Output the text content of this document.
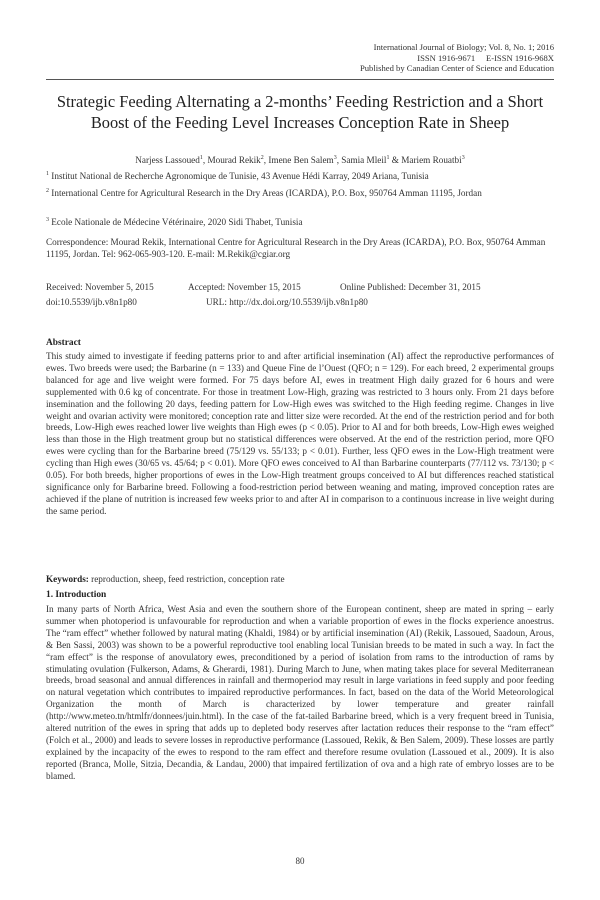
International Journal of Biology; Vol. 8, No. 1; 2016
ISSN 1916-9671     E-ISSN 1916-968X
Published by Canadian Center of Science and Education
Strategic Feeding Alternating a 2-months’ Feeding Restriction and a Short Boost of the Feeding Level Increases Conception Rate in Sheep
Narjess Lassoued$^1$, Mourad Rekik$^2$, Imene Ben Salem$^3$, Samia Mleil$^1$ & Mariem Rouatbi$^3$
$^1$ Institut National de Recherche Agronomique de Tunisie, 43 Avenue Hédi Karray, 2049 Ariana, Tunisia
$^2$ International Centre for Agricultural Research in the Dry Areas (ICARDA), P.O. Box, 950764 Amman 11195, Jordan
$^3$ Ecole Nationale de Médecine Vétérinaire, 2020 Sidi Thabet, Tunisia
Correspondence: Mourad Rekik, International Centre for Agricultural Research in the Dry Areas (ICARDA), P.O. Box, 950764 Amman 11195, Jordan. Tel: 962-065-903-120. E-mail: M.Rekik@cgiar.org
Received: November 5, 2015	Accepted: November 15, 2015	Online Published: December 31, 2015
doi:10.5539/ijb.v8n1p80	URL: http://dx.doi.org/10.5539/ijb.v8n1p80
Abstract
This study aimed to investigate if feeding patterns prior to and after artificial insemination (AI) affect the reproductive performances of ewes. Two breeds were used; the Barbarine (n = 133) and Queue Fine de l’Ouest (QFO; n = 129). For each breed, 2 experimental groups balanced for age and live weight were formed. For 75 days before AI, ewes in treatment High daily grazed for 6 hours and were supplemented with 0.6 kg of concentrate. For those in treatment Low-High, grazing was restricted to 3 hours only. From 21 days before insemination and the following 20 days, feeding pattern for Low-High ewes was switched to the High feeding regime. Changes in live weight and ovarian activity were monitored; conception rate and litter size were recorded. At the end of the restriction period and for both breeds, Low-High ewes reached lower live weights than High ewes (p < 0.05). Prior to AI and for both breeds, Low-High ewes weighed less than those in the High treatment group but no statistical differences were observed. At the end of the restriction period, more QFO ewes were cycling than for the Barbarine breed (75/129 vs. 55/133; p < 0.01). Further, less QFO ewes in the Low-High treatment were cycling than High ewes (30/65 vs. 45/64; p < 0.01). More QFO ewes conceived to AI than Barbarine counterparts (77/112 vs. 73/130; p < 0.05). For both breeds, higher proportions of ewes in the Low-High treatment groups conceived to AI but differences reached statistical significance only for Barbarine breed. Following a food-restriction period between weaning and mating, improved conception rates are achieved if the plane of nutrition is increased few weeks prior to and after AI in comparison to a continuous increase in live weight during the same period.
Keywords: reproduction, sheep, feed restriction, conception rate
1. Introduction
In many parts of North Africa, West Asia and even the southern shore of the European continent, sheep are mated in spring – early summer when photoperiod is unfavourable for reproduction and when a variable proportion of ewes in the flocks experience anoestrus. The “ram effect” whether followed by natural mating (Khaldi, 1984) or by artificial insemination (AI) (Rekik, Lassoued, Saadoun, Arous, & Ben Sassi, 2003) was shown to be a powerful reproductive tool enabling local Tunisian breeds to be mated in such a way. In fact the “ram effect” is the response of anovulatory ewes, preconditioned by a period of isolation from rams to the introduction of rams by stimulating ovulation (Fulkerson, Adams, & Gherardi, 1981). During March to June, when mating takes place for several Mediterranean breeds, broad seasonal and annual differences in rainfall and thermoperiod may result in large variations in feed supply and poor feeding on natural vegetation which contributes to impaired reproductive performances. In fact, based on the data of the World Meteorological Organization the month of March is characterized by lower temperature and greater rainfall (http://www.meteo.tn/htmlfr/donnees/juin.html). In the case of the fat-tailed Barbarine breed, which is a very frequent breed in Tunisia, altered nutrition of the ewes in spring that adds up to depleted body reserves after lactation reduces their response to the “ram effect” (Folch et al., 2000) and leads to severe losses in reproductive performance (Lassoued, Rekik, & Ben Salem, 2009). These losses are partly explained by the incapacity of the ewes to respond to the ram effect and therefore resume ovulation (Lassoued et al., 2009). It is also reported (Branca, Molle, Sitzia, Decandia, & Landau, 2000) that impaired fertilization of ova and a high rate of embryo losses are to be blamed.
80
